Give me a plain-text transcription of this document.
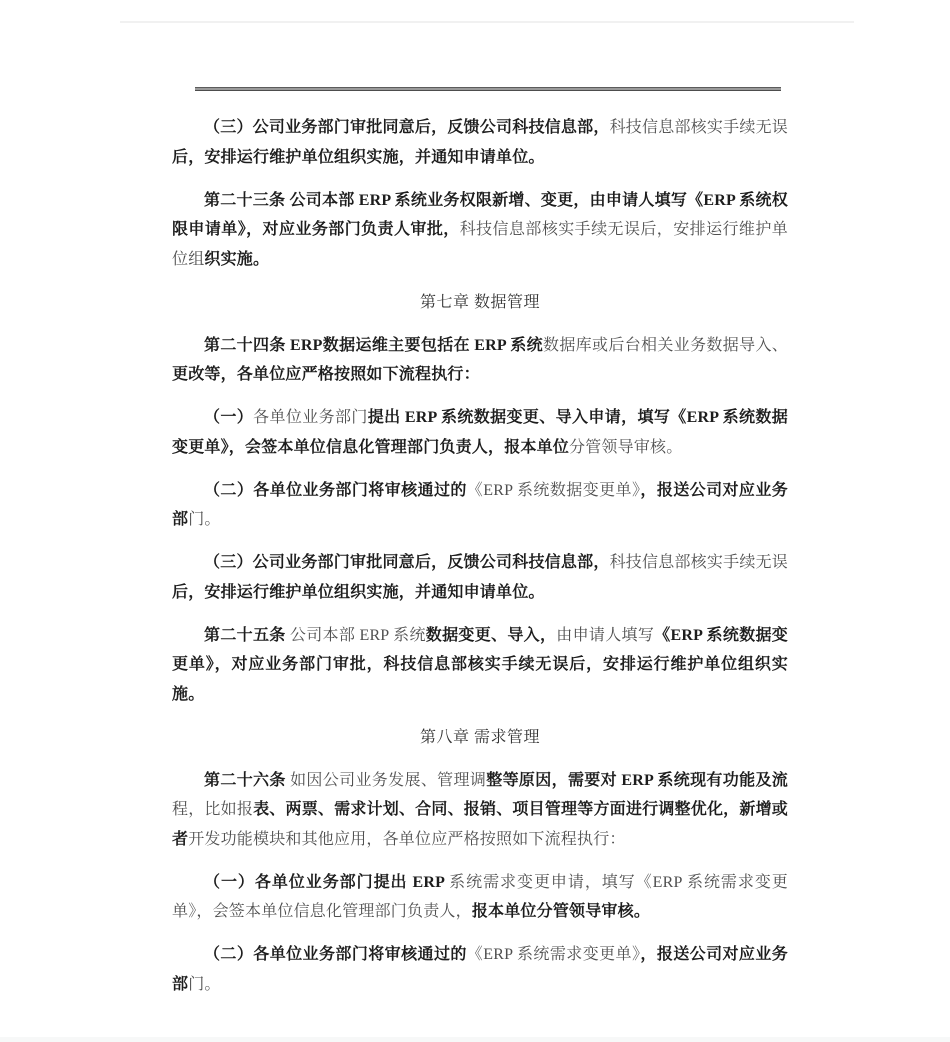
（三）公司业务部门审批同意后，反馈公司科技信息部，科技信息部核实手续无误后，安排运行维护单位组织实施，并通知申请单位。
第二十三条 公司本部 ERP 系统业务权限新增、变更，由申请人填写《ERP 系统权限申请单》，对应业务部门负责人审批，科技信息部核实手续无误后，安排运行维护单位组织实施。
第七章 数据管理
第二十四条 ERP数据运维主要包括在 ERP 系统数据库或后台相关业务数据导入、更改等，各单位应严格按照如下流程执行：
（一）各单位业务部门提出 ERP 系统数据变更、导入申请，填写《ERP 系统数据变更单》，会签本单位信息化管理部门负责人，报本单位分管领导审核。
（二）各单位业务部门将审核通过的《ERP 系统数据变更单》，报送公司对应业务部门。
（三）公司业务部门审批同意后，反馈公司科技信息部，科技信息部核实手续无误后，安排运行维护单位组织实施，并通知申请单位。
第二十五条 公司本部 ERP 系统数据变更、导入，由申请人填写《ERP 系统数据变更单》，对应业务部门审批，科技信息部核实手续无误后，安排运行维护单位组织实施。
第八章 需求管理
第二十六条 如因公司业务发展、管理调整等原因，需要对 ERP 系统现有功能及流程，比如报表、两票、需求计划、合同、报销、项目管理等方面进行调整优化，新增或者开发功能模块和其他应用，各单位应严格按照如下流程执行：
（一）各单位业务部门提出 ERP 系统需求变更申请，填写《ERP 系统需求变更单》，会签本单位信息化管理部门负责人，报本单位分管领导审核。
（二）各单位业务部门将审核通过的《ERP 系统需求变更单》，报送公司对应业务部门。
